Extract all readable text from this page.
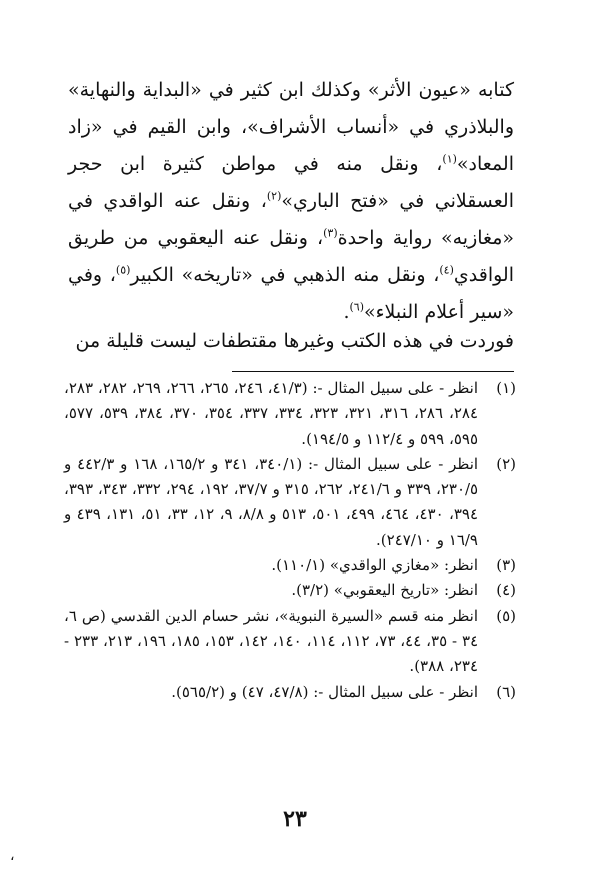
كتابه «عيون الأثر» وكذلك ابن كثير في «البداية والنهاية» والبلاذري في «أنساب الأشراف»، وابن القيم في «زاد المعاد»$^{(١)}$، ونقل منه في مواطن كثيرة ابن حجر العسقلاني في «فتح الباري»$^{(٢)}$، ونقل عنه الواقدي في «مغازيه» رواية واحدة$^{(٣)}$، ونقل عنه اليعقوبي من طريق الواقدي$^{(٤)}$، ونقل منه الذهبي في «تاريخه» الكبير$^{(٥)}$، وفي «سير أعلام النبلاء»$^{(٦)}$.

فوردت في هذه الكتب وغيرها مقتطفات ليست قليلة من
(١)
انظر - على سبيل المثال -: (٤١/٣، ٢٤٦، ٢٦٥، ٢٦٦، ٢٦٩، ٢٨٢، ٢٨٣، ٢٨٤، ٢٨٦، ٣١٦، ٣٢١، ٣٢٣، ٣٣٤، ٣٣٧، ٣٥٤، ٣٧٠، ٣٨٤، ٥٣٩، ٥٧٧، ٥٩٥، ٥٩٩ و ١١٢/٤ و ١٩٤/٥).
(٢)
انظر - على سبيل المثال -: (٣٤٠/١، ٣٤١ و ١٦٥/٢، ١٦٨ و ٤٤٢/٣ و ٢٣٠/٥، ٣٣٩ و ٢٤١/٦، ٢٦٢، ٣١٥ و ٣٧/٧، ١٩٢، ٢٩٤، ٣٣٢، ٣٤٣، ٣٩٣، ٣٩٤، ٤٣٠، ٤٦٤، ٤٩٩، ٥٠١، ٥١٣ و ٨/٨، ٩، ١٢، ٣٣، ٥١، ١٣١، ٤٣٩ و ١٦/٩ و ٢٤٧/١٠).
(٣)
انظر: «مغازي الواقدي» (١١٠/١).
(٤)
انظر: «تاريخ اليعقوبي» (٣/٢).
(٥)
انظر منه قسم «السيرة النبوية»، نشر حسام الدين القدسي (ص ٦، ٣٤ - ٣٥، ٤٤، ٧٣، ١١٢، ١١٤، ١٤٠، ١٤٢، ١٥٣، ١٨٥، ١٩٦، ٢١٣، ٢٣٣ - ٢٣٤، ٣٨٨).
(٦)
انظر - على سبيل المثال -: (٤٧/٨، ٤٧) و (٥٦٥/٢).
٢٣
،
